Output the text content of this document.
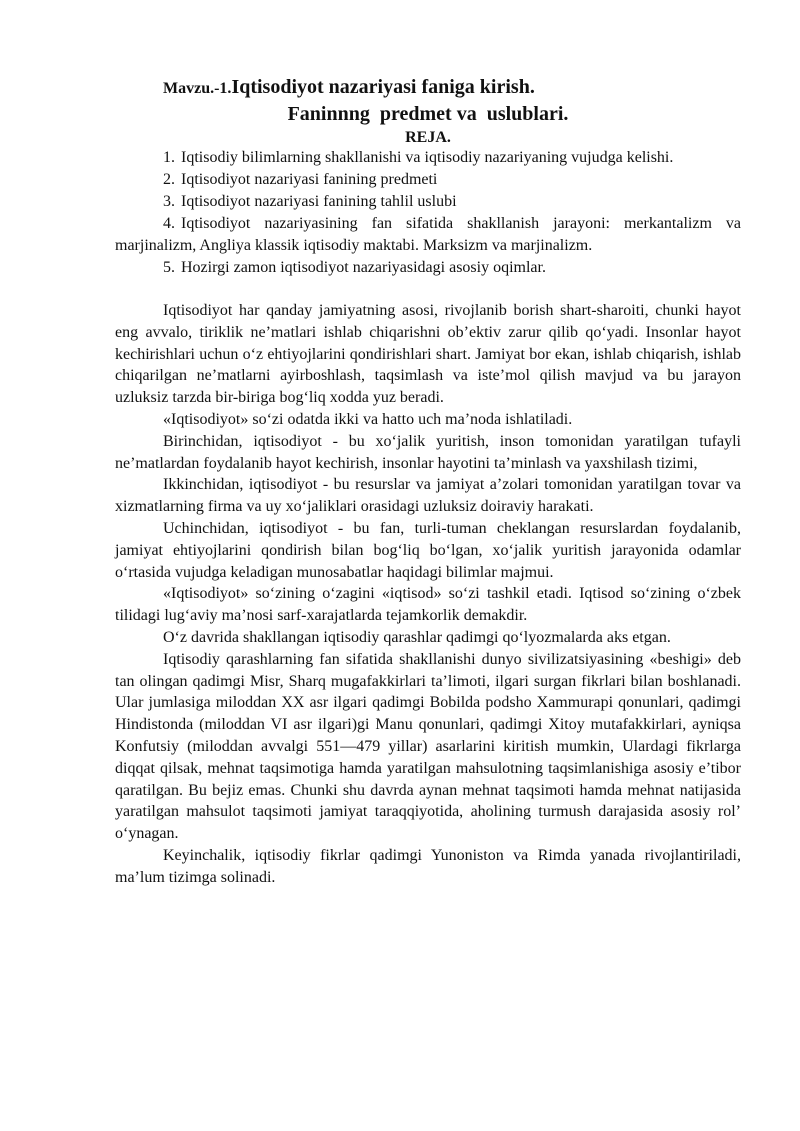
Mavzu.-1.Iqtisodiyot nazariyasi faniga kirish.
Faninnng  predmet va  uslublari.
REJA.
1. Iqtisodiy bilimlarning shakllanishi va iqtisodiy nazariyaning vujudga kelishi.
2. Iqtisodiyot nazariyasi fanining predmeti
3. Iqtisodiyot nazariyasi fanining tahlil uslubi
4. Iqtisodiyot nazariyasining fan sifatida shakllanish jarayoni: merkantalizm va marjinalizm, Angliya klassik iqtisodiy maktabi. Marksizm va marjinalizm.
5. Hozirgi zamon iqtisodiyot nazariyasidagi asosiy oqimlar.

Iqtisodiyot har qanday jamiyatning asosi, rivojlanib borish shart-sharoiti, chunki hayot eng avvalo, tiriklik ne’matlari ishlab chiqarishni ob’ektiv zarur qilib qo‘yadi. Insonlar hayot kechirishlari uchun o‘z ehtiyojlarini qondirishlari shart. Jamiyat bor ekan, ishlab chiqarish, ishlab chiqarilgan ne’matlarni ayirboshlash, taqsimlash va iste’mol qilish mavjud va bu jarayon uzluksiz tarzda bir-biriga bog‘liq xodda yuz beradi.

«Iqtisodiyot» so‘zi odatda ikki va hatto uch ma’noda ishlatiladi.

Birinchidan, iqtisodiyot - bu xo‘jalik yuritish, inson tomonidan yaratilgan tufayli ne’matlardan foydalanib hayot kechirish, insonlar hayotini ta’minlash va yaxshilash tizimi,

Ikkinchidan, iqtisodiyot - bu resurslar va jamiyat a’zolari tomonidan yaratilgan tovar va xizmatlarning firma va uy xo‘jaliklari orasidagi uzluksiz doiraviy harakati.

Uchinchidan, iqtisodiyot - bu fan, turli-tuman cheklangan resurslardan foydalanib, jamiyat ehtiyojlarini qondirish bilan bog‘liq bo‘lgan, xo‘jalik yuritish jarayonida odamlar o‘rtasida vujudga keladigan munosabatlar haqidagi bilimlar majmui.

«Iqtisodiyot» so‘zining o‘zagini «iqtisod» so‘zi tashkil etadi. Iqtisod so‘zining o‘zbek tilidagi lug‘aviy ma’nosi sarf-xarajatlarda tejamkorlik demakdir.

O‘z davrida shakllangan iqtisodiy qarashlar qadimgi qo‘lyozmalarda aks etgan.

Iqtisodiy qarashlarning fan sifatida shakllanishi dunyo sivilizatsiyasining «beshigi» deb tan olingan qadimgi Misr, Sharq mugafakkirlari ta’limoti, ilgari surgan fikrlari bilan boshlanadi. Ular jumlasiga miloddan XX asr ilgari qadimgi Bobilda podsho Xammurapi qonunlari, qadimgi Hindistonda (miloddan VI asr ilgari)gi Manu qonunlari, qadimgi Xitoy mutafakkirlari, ayniqsa Konfutsiy (miloddan avvalgi 551—479 yillar) asarlarini kiritish mumkin, Ulardagi fikrlarga diqqat qilsak, mehnat taqsimotiga hamda yaratilgan mahsulotning taqsimlanishiga asosiy e’tibor qaratilgan. Bu bejiz emas. Chunki shu davrda aynan mehnat taqsimoti hamda mehnat natijasida yaratilgan mahsulot taqsimoti jamiyat taraqqiyotida, aholining turmush darajasida asosiy rol’ o‘ynagan.

Keyinchalik, iqtisodiy fikrlar qadimgi Yunoniston va Rimda yanada rivojlantiriladi, ma’lum tizimga solinadi.
